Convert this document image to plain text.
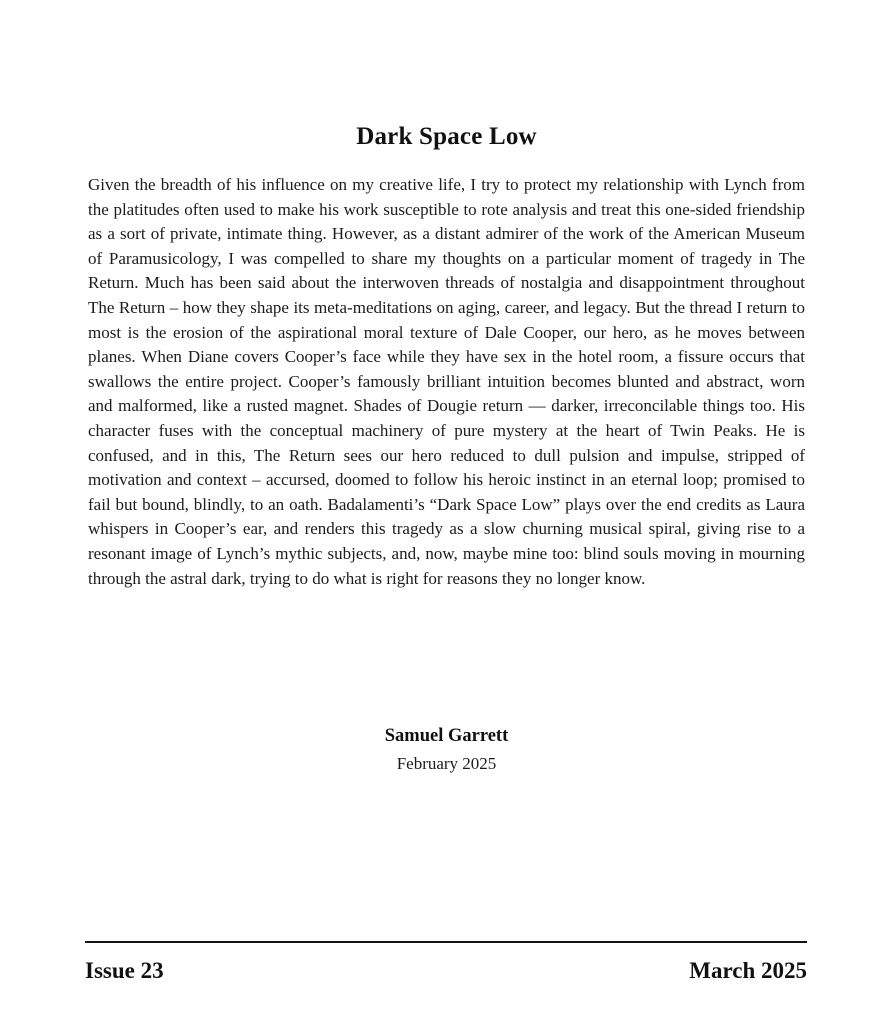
Dark Space Low

Given the breadth of his influence on my creative life, I try to protect my relationship with Lynch from the platitudes often used to make his work susceptible to rote analysis and treat this one-sided friendship as a sort of private, intimate thing. However, as a distant admirer of the work of the American Museum of Paramusicology, I was compelled to share my thoughts on a particular moment of tragedy in The Return. Much has been said about the interwoven threads of nostalgia and disappointment throughout The Return – how they shape its meta-meditations on aging, career, and legacy. But the thread I return to most is the erosion of the aspirational moral texture of Dale Cooper, our hero, as he moves between planes. When Diane covers Cooper’s face while they have sex in the hotel room, a fissure occurs that swallows the entire project. Cooper’s famously brilliant intuition becomes blunted and abstract, worn and malformed, like a rusted magnet. Shades of Dougie return — darker, irreconcilable things too. His character fuses with the conceptual machinery of pure mystery at the heart of Twin Peaks. He is confused, and in this, The Return sees our hero reduced to dull pulsion and impulse, stripped of motivation and context – accursed, doomed to follow his heroic instinct in an eternal loop; promised to fail but bound, blindly, to an oath. Badalamenti’s “Dark Space Low” plays over the end credits as Laura whispers in Cooper’s ear, and renders this tragedy as a slow churning musical spiral, giving rise to a resonant image of Lynch’s mythic subjects, and, now, maybe mine too: blind souls moving in mourning through the astral dark, trying to do what is right for reasons they no longer know.

Samuel Garrett
February 2025
Issue 23	March 2025
